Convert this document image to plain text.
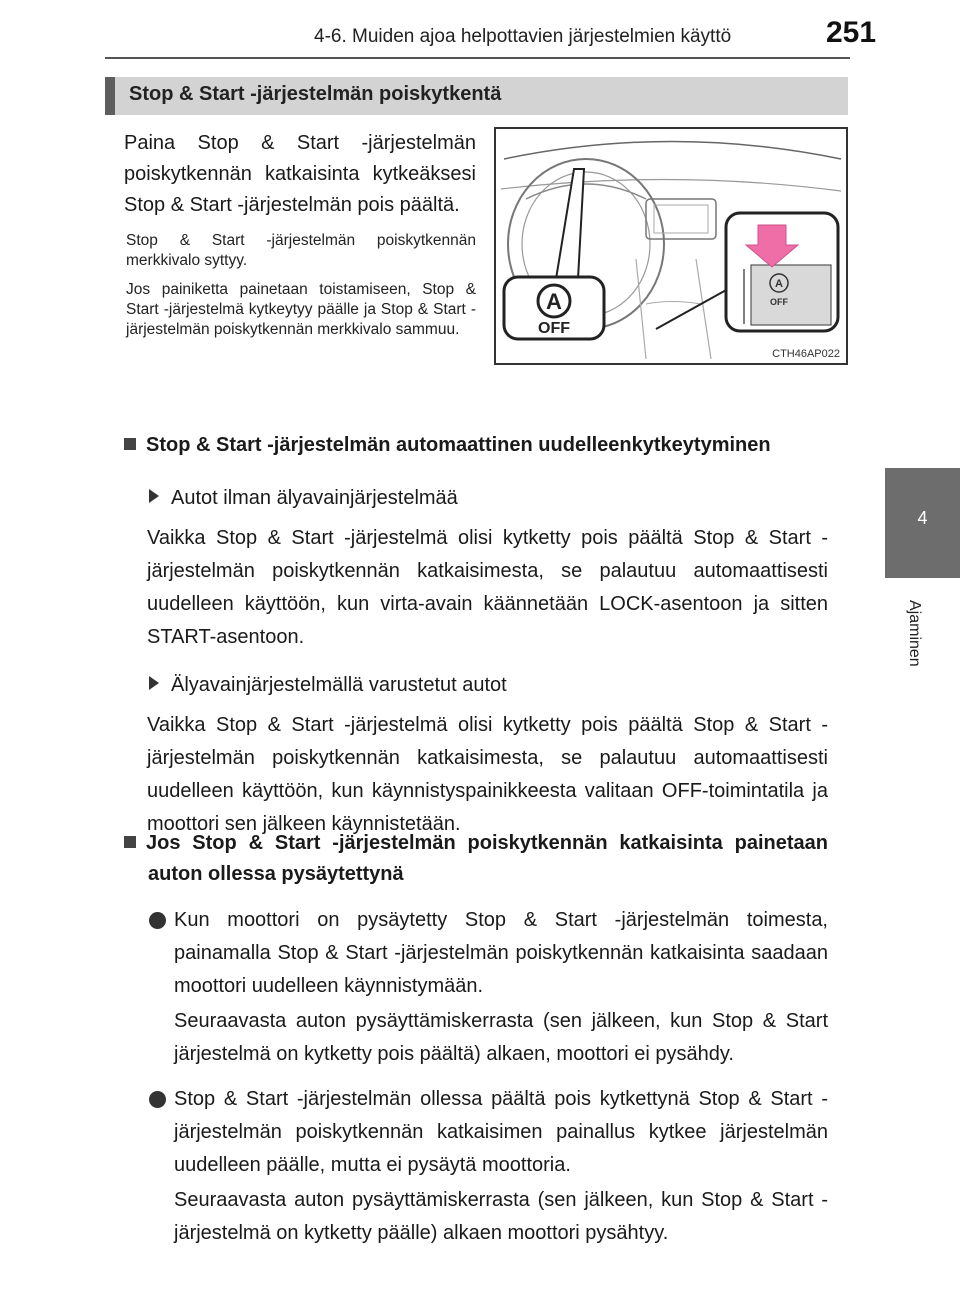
4-6. Muiden ajoa helpottavien järjestelmien käyttö	251
4
Ajaminen
Stop & Start -järjestelmän poiskytkentä
Paina Stop & Start -järjestelmän poiskytkennän katkaisinta kytkeäksesi Stop & Start -järjestelmän pois päältä.
Stop & Start -järjestelmän poiskytkennän merkkivalo syttyy.
Jos painiketta painetaan toistamiseen, Stop & Start -järjestelmä kytkeytyy päälle ja Stop & Start -järjestelmän poiskytkennän merkkivalo sammuu.
A
OFF
A
OFF
CTH46AP022
Stop & Start -järjestelmän automaattinen uudelleenkytkeytyminen
Autot ilman älyavainjärjestelmää
Vaikka Stop & Start -järjestelmä olisi kytketty pois päältä Stop & Start -järjestelmän poiskytkennän katkaisimesta, se palautuu automaattisesti uudelleen käyttöön, kun virta-avain käännetään LOCK-asentoon ja sitten START-asentoon.
Älyavainjärjestelmällä varustetut autot
Vaikka Stop & Start -järjestelmä olisi kytketty pois päältä Stop & Start -järjestelmän poiskytkennän katkaisimesta, se palautuu automaattisesti uudelleen käyttöön, kun käynnistyspainikkeesta valitaan OFF-toimintatila ja moottori sen jälkeen käynnistetään.
Jos Stop & Start -järjestelmän poiskytkennän katkaisinta painetaan auton ollessa pysäytettynä
Kun moottori on pysäytetty Stop & Start -järjestelmän toimesta, painamalla Stop & Start -järjestelmän poiskytkennän katkaisinta saadaan moottori uudelleen käynnistymään.
Seuraavasta auton pysäyttämiskerrasta (sen jälkeen, kun Stop & Start järjestelmä on kytketty pois päältä) alkaen, moottori ei pysähdy.
Stop & Start -järjestelmän ollessa päältä pois kytkettynä Stop & Start -järjestelmän poiskytkennän katkaisimen painallus kytkee järjestelmän uudelleen päälle, mutta ei pysäytä moottoria.
Seuraavasta auton pysäyttämiskerrasta (sen jälkeen, kun Stop & Start -järjestelmä on kytketty päälle) alkaen moottori pysähtyy.
